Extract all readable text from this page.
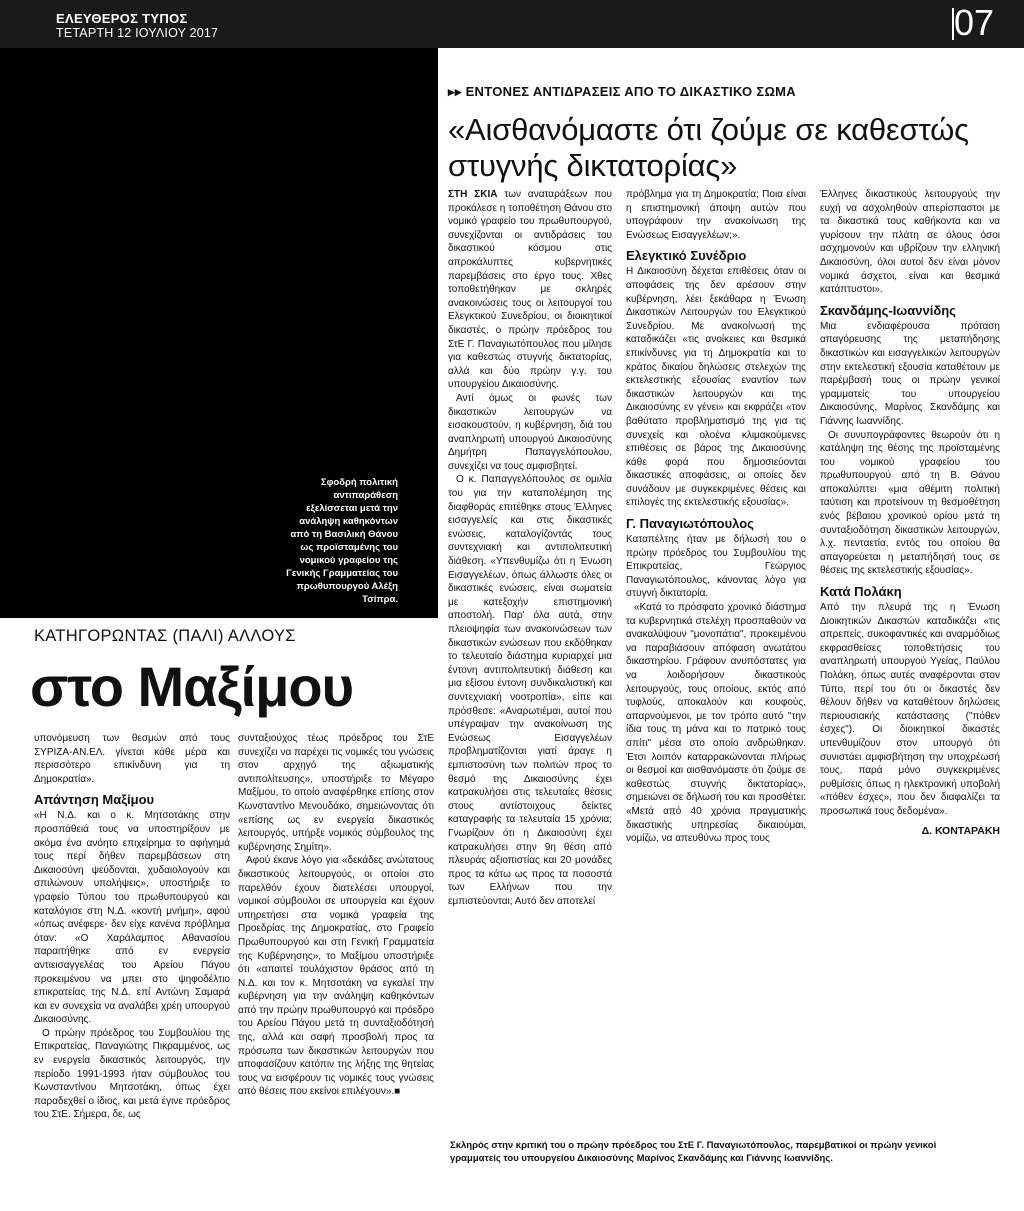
ΕΛΕΥΘΕΡΟΣ ΤΥΠΟΣ
ΤΕΤΑΡΤΗ 12 ΙΟΥΛΙΟΥ 2017	07
Σφοδρή πολιτική αντιπαράθεση εξελίσσεται μετά την ανάληψη καθηκόντων από τη Βασιλική Θάνου ως προϊσταμένης του νομικού γραφείου της Γενικής Γραμματείας του πρωθυπουργού Αλέξη Τσίπρα.
ΚΑΤΗΓΟΡΩΝΤΑΣ (ΠΑΛΙ) ΑΛΛΟΥΣ
στο Μαξίμου

υπονόμευση των θεσμών από τους ΣΥΡΙΖΑ-ΑΝ.ΕΛ. γίνεται κάθε μέρα και περισσότερο επικίνδυνη για τη Δημοκρατία».

Απάντηση Μαξίμου

«Η Ν.Δ. και ο κ. Μητσοτάκης στην προσπάθειά τους να υποστηρίξουν με ακόμα ένα ανόητο επιχείρημα το αφήγημά τους περί δήθεν παρεμβάσεων στη Δικαιοσύνη ψεύδονται, χυδαιολογούν και σπιλώνουν υπολήψεις», υποστήριξε το γραφείο Τύπου του πρωθυπουργού και καταλόγισε στη Ν.Δ. «κοντή μνήμη», αφού «όπως ανέφερε- δεν είχε κανένα πρόβλημα όταν: «Ο Χαράλαμπος Αθανασίου παραιτήθηκε από εν ενεργεία αντιεισαγγελέας του Αρείου Πάγου προκειμένου να μπει στο ψηφοδέλτιο επικρατείας της Ν.Δ. επί Αντώνη Σαμαρά και εν συνεχεία να αναλάβει χρέη υπουργού Δικαιοσύνης.

Ο πρώην πρόεδρος του Συμβουλίου της Επικρατείας, Παναγιώτης Πικραμμένος, ως εν ενεργεία δικαστικός λειτουργός, την περίοδο 1991-1993 ήταν σύμβουλος του Κωνσταντίνου Μητσοτάκη, όπως έχει παραδεχθεί ο ίδιος, και μετά έγινε πρόεδρος του ΣτΕ. Σήμερα, δε, ως

συνταξιούχος τέως πρόεδρος του ΣτΕ συνεχίζει να παρέχει τις νομικές του γνώσεις στον αρχηγό της αξιωματικής αντιπολίτευσης», υποστήριξε το Μέγαρο Μαξίμου, το οποίο αναφέρθηκε επίσης στον Κωνσταντίνο Μενουδάκο, σημειώνοντας ότι «επίσης ως εν ενεργεία δικαστικός λειτουργός, υπήρξε νομικός σύμβουλος της κυβέρνησης Σημίτη».

Αφού έκανε λόγο για «δεκάδες ανώτατους δικαστικούς λειτουργούς, οι οποίοι στο παρελθόν έχουν διατελέσει υπουργοί, νομικοί σύμβουλοι σε υπουργεία και έχουν υπηρετήσει στα νομικά γραφεία της Προεδρίας της Δημοκρατίας, στο Γραφείο Πρωθυπουργού και στη Γενική Γραμματεία της Κυβέρνησης», το Μαξίμου υποστήριξε ότι «απαιτεί τουλάχιστον θράσος από τη Ν.Δ. και τον κ. Μητσοτάκη να εγκαλεί την κυβέρνηση για την ανάληψη καθηκόντων από την πρώην πρωθυπουργό και πρόεδρο του Αρείου Πάγου μετά τη συνταξιοδότησή της, αλλά και σαφή προσβολή προς τα πρόσωπα των δικαστικών λειτουργών που αποφασίζουν κατόπιν της λήξης της θητείας τους να εισφέρουν τις νομικές τους γνώσεις από θέσεις που εκείνοι επιλέγουν».■

▸▸ ΕΝΤΟΝΕΣ ΑΝΤΙΔΡΑΣΕΙΣ ΑΠΟ ΤΟ ΔΙΚΑΣΤΙΚΟ ΣΩΜΑ
«Αισθανόμαστε ότι ζούμε σε καθεστώς στυγνής δικτατορίας»

ΣΤΗ ΣΚΙΑ των αναταράξεων που προκάλεσε η τοποθέτηση Θάνου στο νομικό γραφείο του πρωθυπουργού, συνεχίζονται οι αντιδράσεις του δικαστικού κόσμου στις απροκάλυπτες κυβερνητικές παρεμβάσεις στο έργο τους. Χθες τοποθετήθηκαν με σκληρές ανακοινώσεις τους οι λειτουργοί του Ελεγκτικού Συνεδρίου, οι διοικητικοί δικαστές, ο πρώην πρόεδρος του ΣτΕ Γ. Παναγιωτόπουλος που μίλησε για καθεστώς στυγνής δικτατορίας, αλλά και δύο πρώην γ.γ. του υπουργείου Δικαιοσύνης.

Αντί όμως οι φωνές των δικαστικών λειτουργών να εισακουστούν, η κυβέρνηση, διά του αναπληρωτή υπουργού Δικαιοσύνης Δημήτρη Παπαγγελόπουλου, συνεχίζει να τους αμφισβητεί.

Ο κ. Παπαγγελόπουλος σε ομιλία του για την καταπολέμηση της διαφθοράς επιτέθηκε στους Έλληνες εισαγγελείς και στις δικαστικές ενώσεις, καταλογίζοντάς τους συντεχνιακή και αντιπολιτευτική διάθεση. «Υπενθυμίζω ότι η Ένωση Εισαγγελέων, όπως άλλωστε όλες οι δικαστικές ενώσεις, είναι σωματεία με κατεξοχήν επιστημονική αποστολή. Παρ' όλα αυτά, στην πλειοψηφία των ανακοινώσεων των δικαστικών ενώσεων που εκδόθηκαν το τελευταίο διάστημα κυριαρχεί μια έντονη αντιπολιτευτική διάθεση και μια εξίσου έντονη συνδικαλιστική και συντεχνιακή νοοτροπία», είπε και πρόσθεσε: «Αναρωτιέμαι, αυτοί που υπέγραψαν την ανακοίνωση της Ενώσεως Εισαγγελέων προβληματίζονται γιατί άραγε η εμπιστοσύνη των πολιτών προς το θεσμό της Δικαιοσύνης έχει κατρακυλήσει στις τελευταίες θέσεις στους αντίστοιχους δείκτες καταγραφής τα τελευταία 15 χρόνια; Γνωρίζουν ότι η Δικαιοσύνη έχει κατρακυλήσει στην 9η θέση από πλευράς αξιοπιστίας και 20 μονάδες προς τα κάτω ως προς τα ποσοστά των Ελλήνων που την εμπιστεύονται; Αυτό δεν αποτελεί

πρόβλημα για τη Δημοκρατία; Ποια είναι η επιστημονική άποψη αυτών που υπογράφουν την ανακοίνωση της Ενώσεως Εισαγγελέων;».

Ελεγκτικό Συνέδριο

Η Δικαιοσύνη δέχεται επιθέσεις όταν οι αποφάσεις της δεν αρέσουν στην κυβέρνηση, λέει ξεκάθαρα η Ένωση Δικαστικών Λειτουργών του Ελεγκτικού Συνεδρίου. Με ανακοίνωσή της καταδικάζει «τις ανοίκειες και θεσμικά επικίνδυνες για τη Δημοκρατία και το κράτος δικαίου δηλώσεις στελεχών της εκτελεστικής εξουσίας εναντίον των δικαστικών λειτουργών και της Δικαιοσύνης εν γένει» και εκφράζει «τον βαθύτατο προβληματισμό της για τις συνεχείς και ολοένα κλιμακούμενες επιθέσεις σε βάρος της Δικαιοσύνης κάθε φορά που δημοσιεύονται δικαστικές αποφάσεις, οι οποίες δεν συνάδουν με συγκεκριμένες θέσεις και επιλογές της εκτελεστικής εξουσίας».

Γ. Παναγιωτόπουλος

Καταπέλτης ήταν με δήλωσή του ο πρώην πρόεδρος του Συμβουλίου της Επικρατείας, Γεώργιος Παναγιωτόπουλος, κάνοντας λόγο για στυγνή δικτατορία.

«Κατά το πρόσφατο χρονικό διάστημα τα κυβερνητικά στελέχη προσπαθούν να ανακαλύψουν "μονοπάτια", προκειμένου να παραβιάσουν απόφαση ανωτάτου δικαστηρίου. Γράφουν ανυπόστατες για να λοιδορήσουν δικαστικούς λειτουργούς, τους οποίους, εκτός από τυφλούς, αποκαλούν και κουφούς, απαρνούμενοι, με τον τρόπο αυτό "την ίδια τους τη μάνα και το πατρικό τους σπίτι" μέσα στο οποίο ανδρώθηκαν. Έτσι λοιπόν καταρρακώνονται πλήρως οι θεσμοί και αισθανόμαστε ότι ζούμε σε καθεστώς στυγνής δικτατορίας», σημειώνει σε δήλωσή του και προσθέτει: «Μετά από 40 χρόνια πραγματικής δικαστικής υπηρεσίας δικαιούμαι, νομίζω, να απευθύνω προς τους

Έλληνες δικαστικούς λειτουργούς την ευχή να ασχοληθούν απερίσπαστοι με τα δικαστικά τους καθήκοντα και να γυρίσουν την πλάτη σε όλους όσοι ασχημονούν και υβρίζουν την ελληνική Δικαιοσύνη, όλοι αυτοί δεν είναι μόνον νομικά άσχετοι, είναι και θεσμικά κατάπτυστοι».

Σκανδάμης-Ιωαννίδης

Μια ενδιαφέρουσα πρόταση απαγόρευσης της μεταπήδησης δικαστικών και εισαγγελικών λειτουργών στην εκτελεστική εξουσία καταθέτουν με παρέμβασή τους οι πρώην γενικοί γραμματείς του υπουργείου Δικαιοσύνης, Μαρίνος Σκανδάμης και Γιάννης Ιωαννίδης.

Οι συνυπογράφοντες θεωρούν ότι η κατάληψη της θέσης της προϊσταμένης του νομικού γραφείου του πρωθυπουργού από τη Β. Θάνου αποκαλύπτει «μια αθέμιτη πολιτική ταύτιση και προτείνουν τη θεσμοθέτηση ενός βέβαιου χρονικού ορίου μετά τη συνταξιοδότηση δικαστικών λειτουργών, λ.χ. πενταετία, εντός του οποίου θα απαγορεύεται η μεταπήδησή τους σε θέσεις της εκτελεστικής εξουσίας».

Κατά Πολάκη

Από την πλευρά της η Ένωση Διοικητικών Δικαστών καταδικάζει «τις απρεπείς, συκοφαντικές και αναρμόδιως εκφρασθείσες τοποθετήσεις του αναπληρωτή υπουργού Υγείας, Παύλου Πολάκη, όπως αυτές αναφέρονται στον Τύπο, περί του ότι οι δικαστές δεν θέλουν δήθεν να καταθέτουν δηλώσεις περιουσιακής κατάστασης ("πόθεν έσχες"). Οι διοικητικοί δικαστές υπενθυμίζουν στον υπουργό ότι συνιστάει αμφισβήτηση την υποχρέωσή τους, παρά μόνο συγκεκριμένες ρυθμίσεις όπως η ηλεκτρονική υποβολή «πόθεν έσχες», που δεν διαφαλίζει τα προσωπικά τους δεδομένα».

Δ. ΚΟΝΤΑΡΑΚΗ
Σκληρός στην κριτική του ο πρώην πρόεδρος του ΣτΕ Γ. Παναγιωτόπουλος, παρεμβατικοί οι πρώην γενικοί γραμματείς του υπουργείου Δικαιοσύνης Μαρίνος Σκανδάμης και Γιάννης Ιωαννίδης.
